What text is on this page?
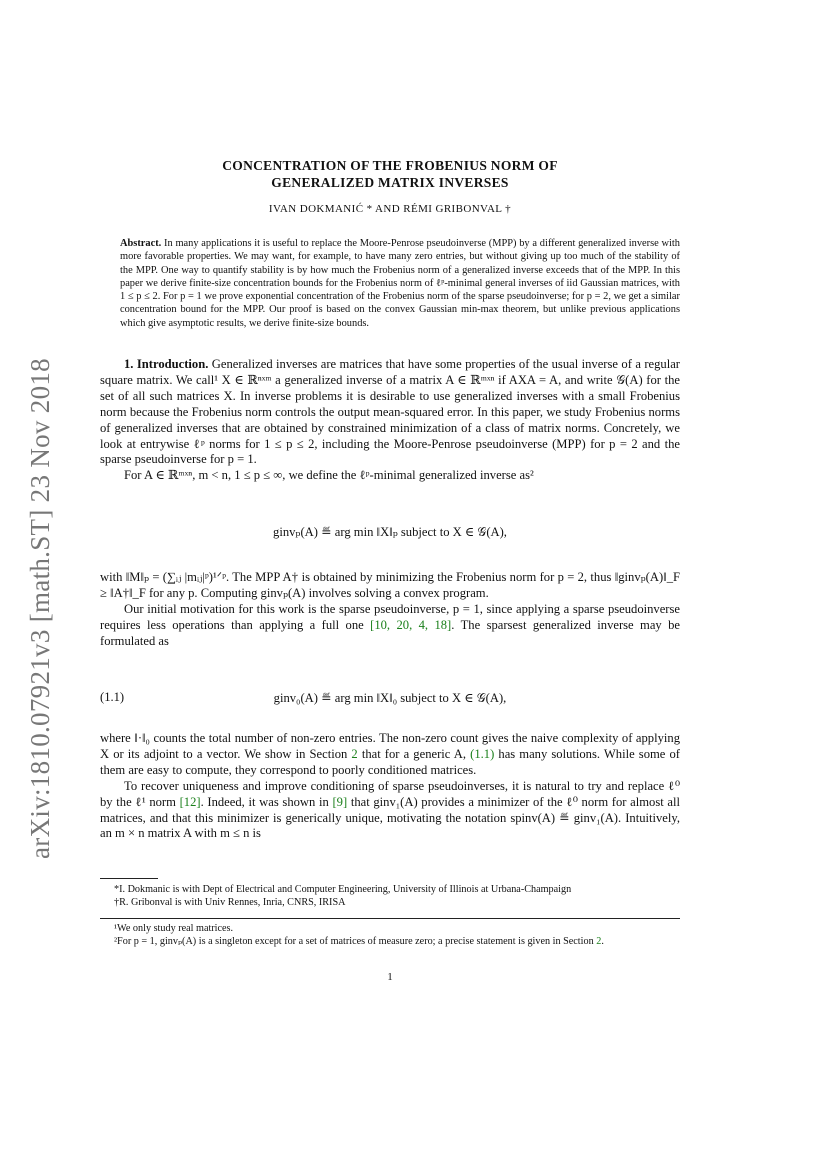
arXiv:1810.07921v3 [math.ST] 23 Nov 2018
CONCENTRATION OF THE FROBENIUS NORM OF
GENERALIZED MATRIX INVERSES
IVAN DOKMANIĆ * AND RÉMI GRIBONVAL †
Abstract. In many applications it is useful to replace the Moore-Penrose pseudoinverse (MPP) by a different generalized inverse with more favorable properties. We may want, for example, to have many zero entries, but without giving up too much of the stability of the MPP. One way to quantify stability is by how much the Frobenius norm of a generalized inverse exceeds that of the MPP. In this paper we derive finite-size concentration bounds for the Frobenius norm of ℓᵖ-minimal general inverses of iid Gaussian matrices, with 1 ≤ p ≤ 2. For p = 1 we prove exponential concentration of the Frobenius norm of the sparse pseudoinverse; for p = 2, we get a similar concentration bound for the MPP. Our proof is based on the convex Gaussian min-max theorem, but unlike previous applications which give asymptotic results, we derive finite-size bounds.

1. Introduction. Generalized inverses are matrices that have some properties of the usual inverse of a regular square matrix. We call¹ X ∈ ℝⁿˣᵐ a generalized inverse of a matrix A ∈ ℝᵐˣⁿ if AXA = A, and write 𝒢(A) for the set of all such matrices X. In inverse problems it is desirable to use generalized inverses with a small Frobenius norm because the Frobenius norm controls the output mean-squared error. In this paper, we study Frobenius norms of generalized inverses that are obtained by constrained minimization of a class of matrix norms. Concretely, we look at entrywise ℓᵖ norms for 1 ≤ p ≤ 2, including the Moore-Penrose pseudoinverse (MPP) for p = 2 and the sparse pseudoinverse for p = 1.

For A ∈ ℝᵐˣⁿ, m < n, 1 ≤ p ≤ ∞, we define the ℓᵖ-minimal generalized inverse as²

ginvₚ(A) ≝ arg min ‖X‖ₚ subject to X ∈ 𝒢(A),

with ‖M‖ₚ = (∑ᵢⱼ |mᵢⱼ|ᵖ)¹ᐟᵖ. The MPP A† is obtained by minimizing the Frobenius norm for p = 2, thus ‖ginvₚ(A)‖_F ≥ ‖A†‖_F for any p. Computing ginvₚ(A) involves solving a convex program.

Our initial motivation for this work is the sparse pseudoinverse, p = 1, since applying a sparse pseudoinverse requires less operations than applying a full one [10, 20, 4, 18]. The sparsest generalized inverse may be formulated as

(1.1)	ginv₀(A) ≝ arg min ‖X‖₀ subject to X ∈ 𝒢(A),

where ‖·‖₀ counts the total number of non-zero entries. The non-zero count gives the naive complexity of applying X or its adjoint to a vector. We show in Section 2 that for a generic A, (1.1) has many solutions. While some of them are easy to compute, they correspond to poorly conditioned matrices.

To recover uniqueness and improve conditioning of sparse pseudoinverses, it is natural to try and replace ℓ⁰ by the ℓ¹ norm [12]. Indeed, it was shown in [9] that ginv₁(A) provides a minimizer of the ℓ⁰ norm for almost all matrices, and that this minimizer is generically unique, motivating the notation spinv(A) ≝ ginv₁(A). Intuitively, an m × n matrix A with m ≤ n is

*I. Dokmanic is with Dept of Electrical and Computer Engineering, University of Illinois at Urbana-Champaign

†R. Gribonval is with Univ Rennes, Inria, CNRS, IRISA

¹We only study real matrices.

²For p = 1, ginvₚ(A) is a singleton except for a set of matrices of measure zero; a precise statement is given in Section 2.

1
